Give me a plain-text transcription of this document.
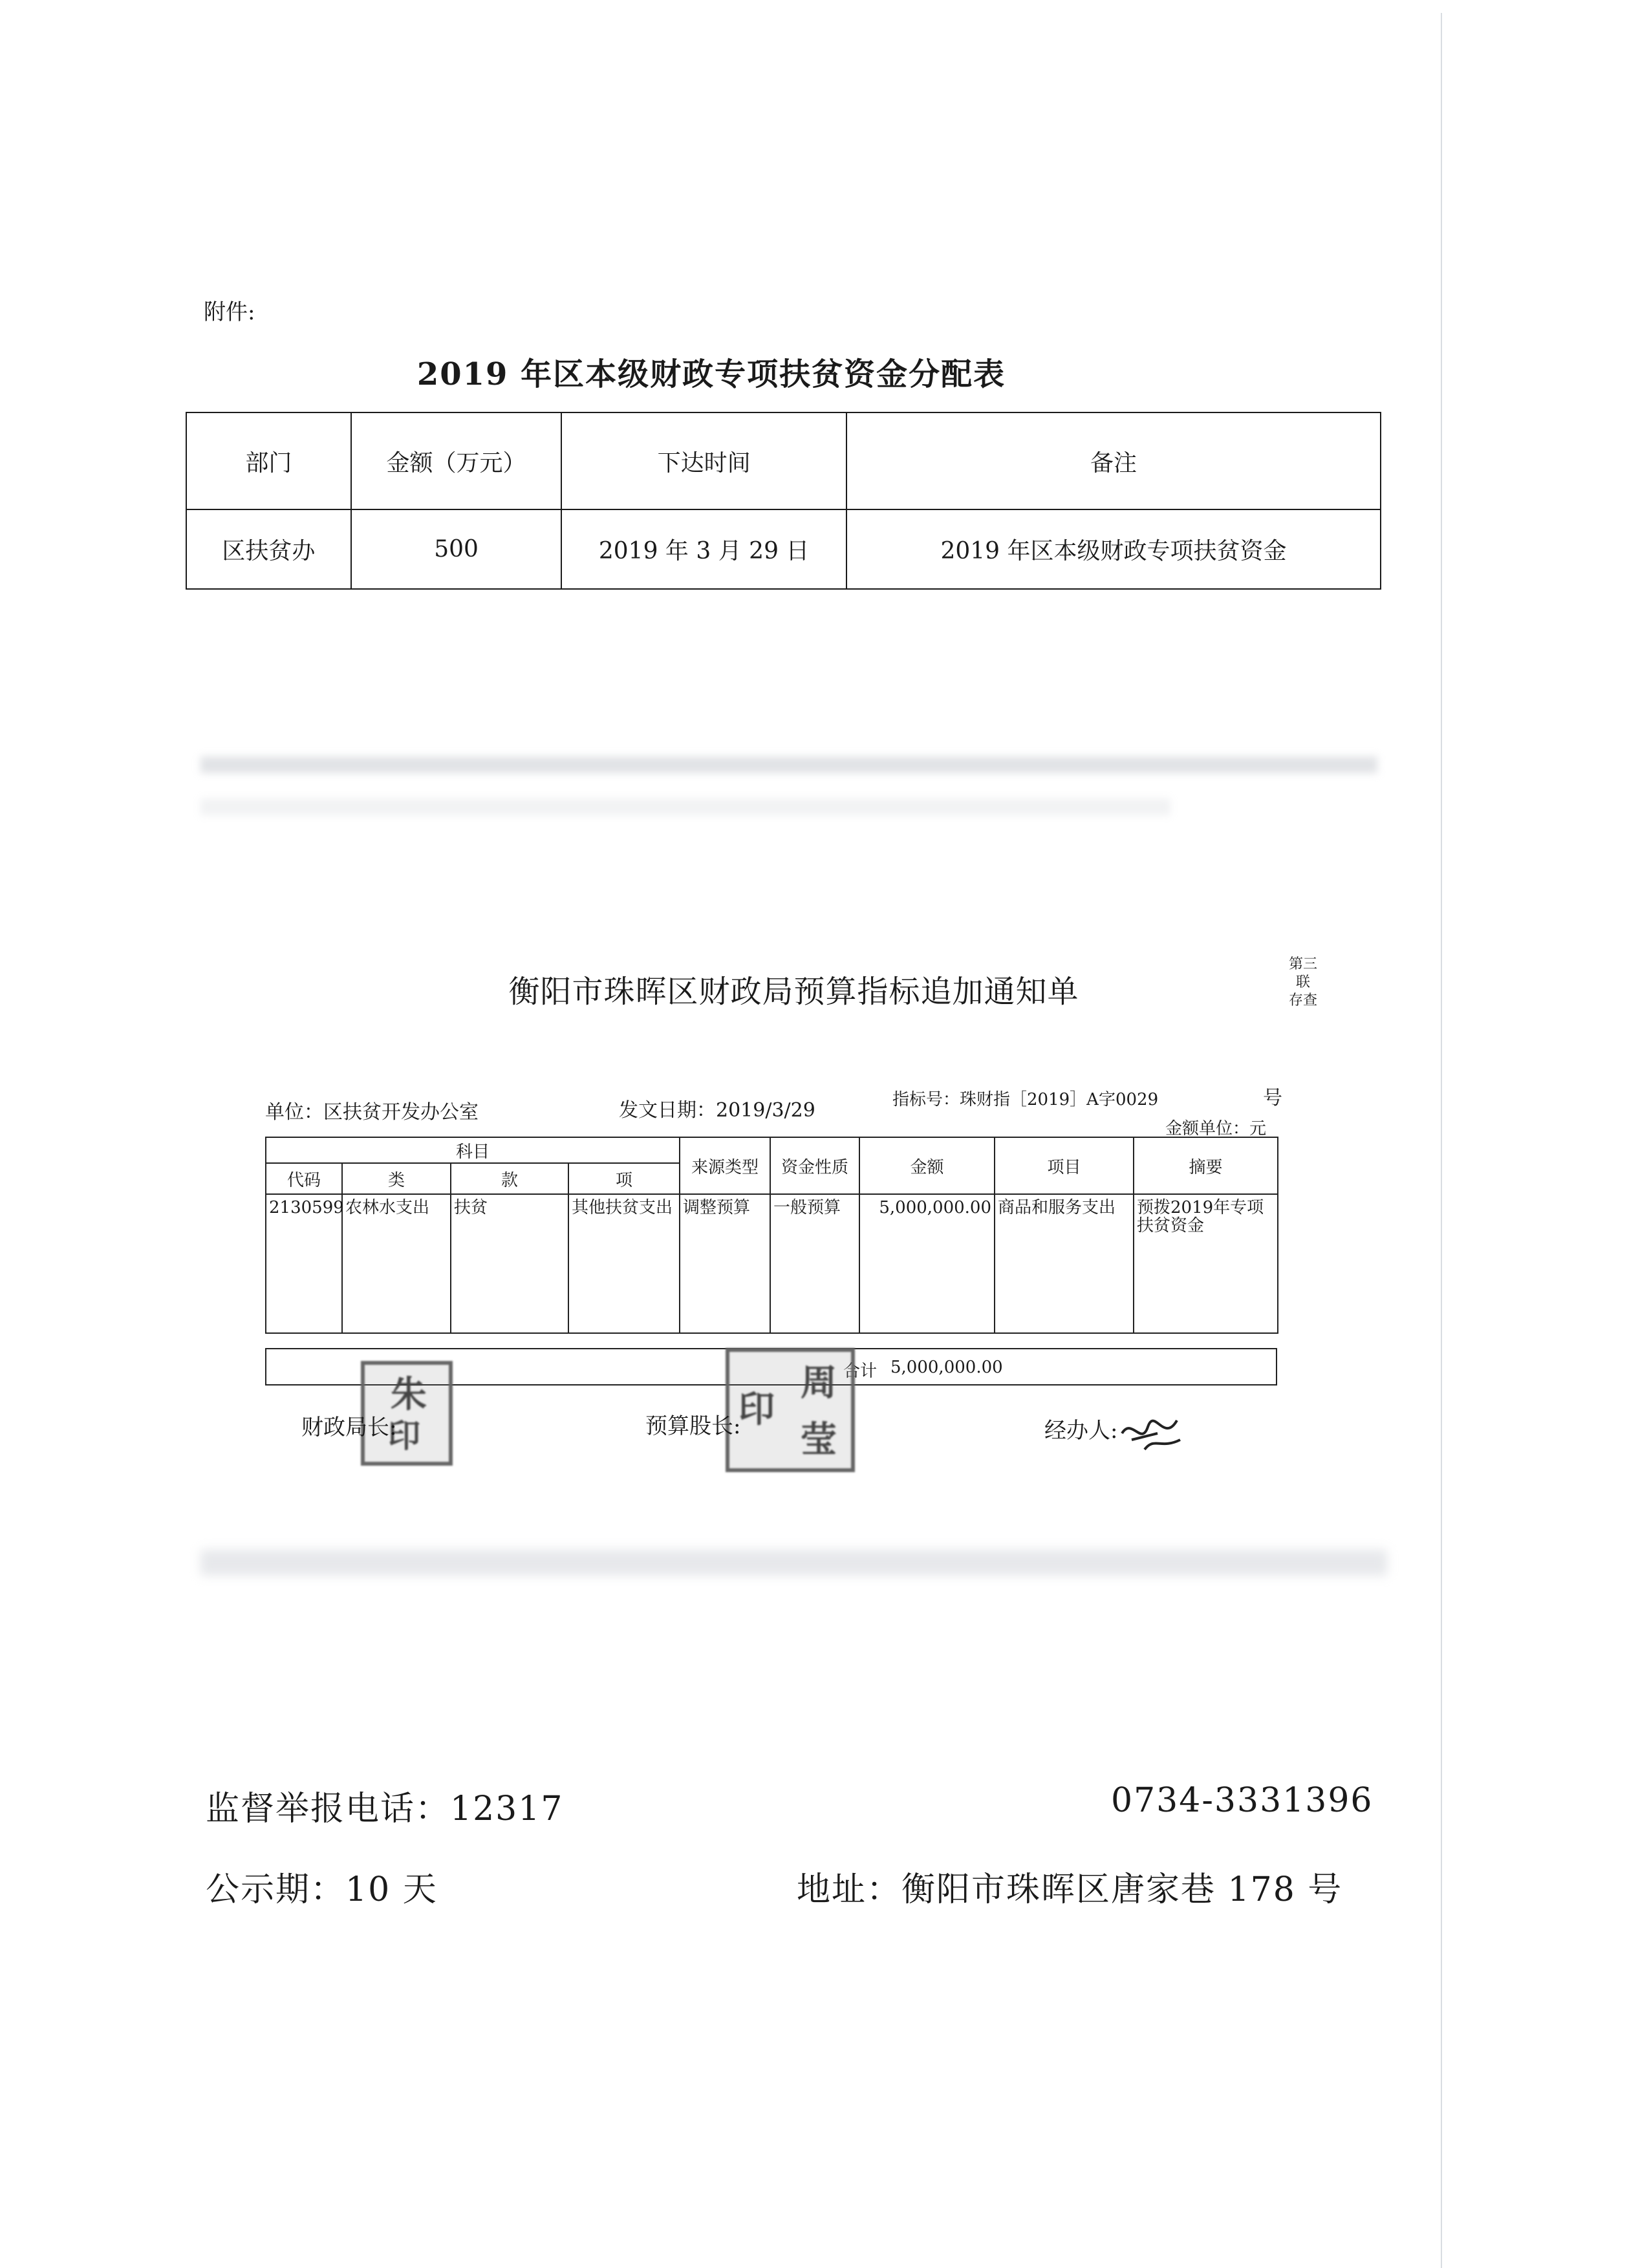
附件:
2019 年区本级财政专项扶贫资金分配表
部门	金额（万元）	下达时间	备注
区扶贫办	500	2019 年 3 月 29 日	2019 年区本级财政专项扶贫资金
衡阳市珠晖区财政局预算指标追加通知单
第三
联
存查
单位：区扶贫开发办公室	发文日期：2019/3/29	指标号：珠财指［2019］A字0029	号
金额单位：元
科目				来源类型	资金性质	金额	项目	摘要
代码	类	款	项					
2130599	农林水支出	扶贫	其他扶贫支出	调整预算	一般预算	5,000,000.00	商品和服务支出	预拨2019年专项扶贫资金
合计 5,000,000.00
朱
印
周
印
莹
财政局长:	预算股长:	经办人:
监督举报电话：12317	0734-3331396
公示期：10 天	地址：衡阳市珠晖区唐家巷 178 号
